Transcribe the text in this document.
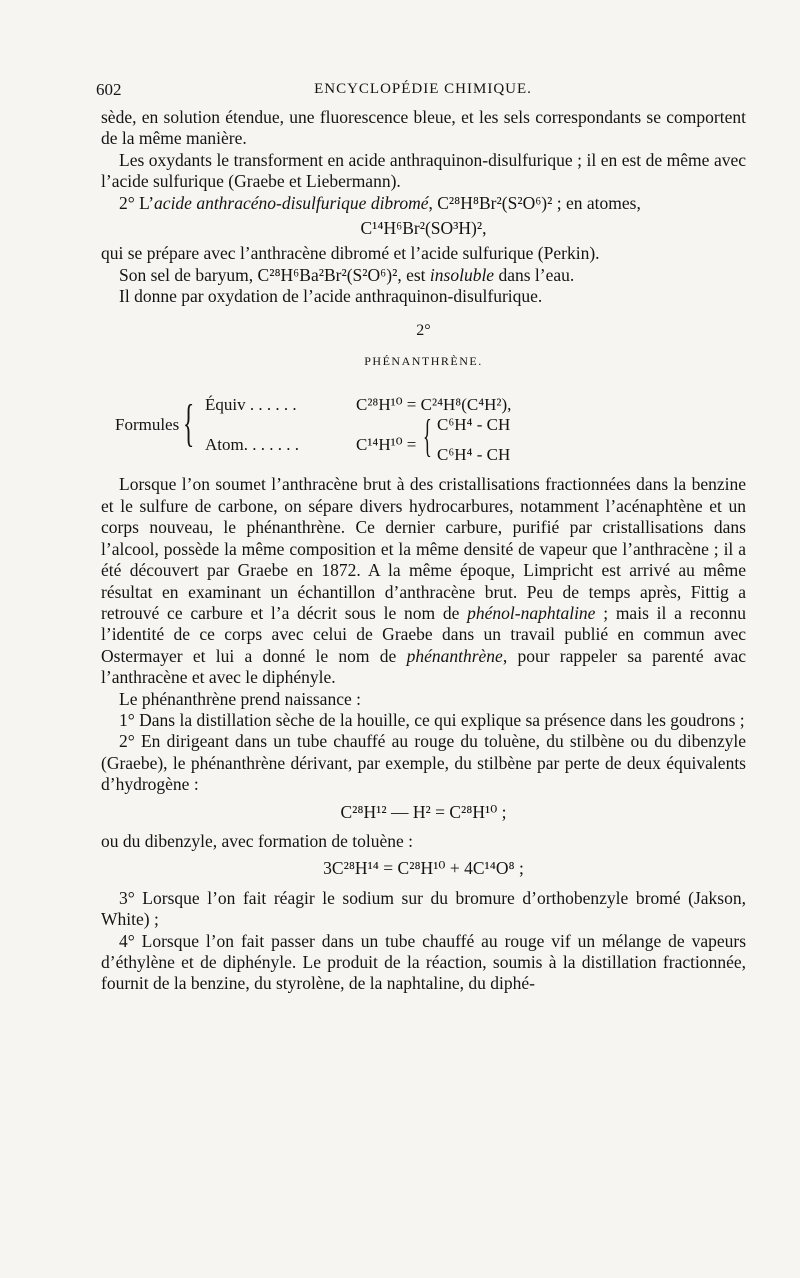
602	ENCYCLOPÉDIE CHIMIQUE.

sède, en solution étendue, une fluorescence bleue, et les sels correspondants se comportent de la même manière.

Les oxydants le transforment en acide anthraquinon-disulfurique ; il en est de même avec l’acide sulfurique (Graebe et Liebermann).

2° L’acide anthracéno-disulfurique dibromé, C²⁸H⁸Br²(S²O⁶)² ; en atomes,

C¹⁴H⁶Br²(SO³H)²,

qui se prépare avec l’anthracène dibromé et l’acide sulfurique (Perkin).

Son sel de baryum, C²⁸H⁶Ba²Br²(S²O⁶)², est insoluble dans l’eau.

Il donne par oxydation de l’acide anthraquinon-disulfurique.

2°
PHÉNANTHRÈNE.
Formules { Équiv . . . . . .	C²⁸H¹⁰ = C²⁴H⁸(C⁴H²),
Atom. . . . . . .	C¹⁴H¹⁰ = { C⁶H⁴ - CH
C⁶H⁴ - CH

Lorsque l’on soumet l’anthracène brut à des cristallisations fractionnées dans la benzine et le sulfure de carbone, on sépare divers hydrocarbures, notamment l’acénaphtène et un corps nouveau, le phénanthrène. Ce dernier carbure, purifié par cristallisations dans l’alcool, possède la même composition et la même densité de vapeur que l’anthracène ; il a été découvert par Graebe en 1872. A la même époque, Limpricht est arrivé au même résultat en examinant un échantillon d’anthracène brut. Peu de temps après, Fittig a retrouvé ce carbure et l’a décrit sous le nom de phénol-naphtaline ; mais il a reconnu l’identité de ce corps avec celui de Graebe dans un travail publié en commun avec Ostermayer et lui a donné le nom de phénanthrène, pour rappeler sa parenté avac l’anthracène et avec le diphényle.

Le phénanthrène prend naissance :

1° Dans la distillation sèche de la houille, ce qui explique sa présence dans les goudrons ;

2° En dirigeant dans un tube chauffé au rouge du toluène, du stilbène ou du dibenzyle (Graebe), le phénanthrène dérivant, par exemple, du stilbène par perte de deux équivalents d’hydrogène :

C²⁸H¹² — H² = C²⁸H¹⁰ ;

ou du dibenzyle, avec formation de toluène :

3C²⁸H¹⁴ = C²⁸H¹⁰ + 4C¹⁴O⁸ ;

3° Lorsque l’on fait réagir le sodium sur du bromure d’orthobenzyle bromé (Jakson, White) ;

4° Lorsque l’on fait passer dans un tube chauffé au rouge vif un mélange de vapeurs d’éthylène et de diphényle. Le produit de la réaction, soumis à la distillation fractionnée, fournit de la benzine, du styrolène, de la naphtaline, du diphé-
